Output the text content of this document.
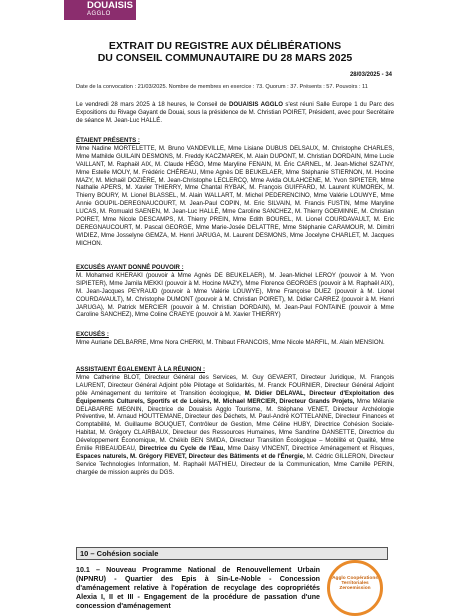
DOUAISIS
AGGLO
EXTRAIT DU REGISTRE AUX DÉLIBÉRATIONS
DU CONSEIL COMMUNAUTAIRE DU 28 MARS 2025
28/03/2025 - 34
Date de la convocation : 21/03/2025. Nombre de membres en exercice : 73. Quorum : 37. Présents : 57. Pouvoirs : 11
Le vendredi 28 mars 2025 à 18 heures, le Conseil de DOUAISIS AGGLO s'est réuni Salle Europe 1 du Parc des Expositions du Rivage Gayant de Douai, sous la présidence de M. Christian POIRET, Président, avec pour Secrétaire de séance M. Jean-Luc HALLÉ.
ÉTAIENT PRÉSENTS :
Mme Nadine MORTELETTE, M. Bruno VANDEVILLE, Mme Lisiane DUBUS DELSAUX, M. Christophe CHARLES, Mme Mathilde GUILAIN DESMONS, M. Freddy KACZMAREK, M. Alain DUPONT, M. Christian DORDAIN, Mme Lucie VAILLANT, M. Raphaël AIX, M. Claude HÉGO, Mme Maryline FENAIN, M. Éric CARNEL, M. Jean-Michel SZATNY, Mme Estelle MOUY, M. Frédéric CHÉREAU, Mme Agnès DE BEUKELAER, Mme Stéphanie STIERNON, M. Hocine MAZY, M. Michaël DOZIÈRE, M. Jean-Christophe LECLERCQ, Mme Avida OULAHCENE, M. Yvon SIPIETER, Mme Nathalie APERS, M. Xavier THIERRY, Mme Chantal RYBAK, M. François GUIFFARD, M. Laurent KUMOREK, M. Thierry BOURY, M. Lionel BLASSEL, M. Alain WALLART, M. Michel PEDERENCINO, Mme Valérie LOUWYE, Mme Annie GOUPIL-DEREGNAUCOURT, M. Jean-Paul COPIN, M. Eric SILVAIN, M. Francis FUSTIN, Mme Maryline LUCAS, M. Romuald SAENEN, M. Jean-Luc HALLÉ, Mme Caroline SANCHEZ, M. Thierry GOEMINNE, M. Christian POIRET, Mme Nicole DESCAMPS, M. Thierry PREIN, Mme Edith BOUREL, M. Lionel COURDAVAULT, M. Eric DEREGNAUCOURT, M. Pascal GEORGE, Mme Marie-Josée DELATTRE, Mme Stéphanie CARAMOUR, M. Dimitri WIDIEZ, Mme Josselyne GEMZA, M. Henri JARUGA, M. Laurent DESMONS, Mme Jocelyne CHARLET, M. Jacques MICHON.
EXCUSÉS AYANT DONNÉ POUVOIR :
M. Mohamed KHERAKI (pouvoir à Mme Agnès DE BEUKELAER), M. Jean-Michel LEROY (pouvoir à M. Yvon SIPIETER), Mme Jamila MEKKI (pouvoir à M. Hocine MAZY), Mme Florence GEORGES (pouvoir à M. Raphaël AIX), M. Jean-Jacques PEYRAUD (pouvoir à Mme Valérie LOUWYE), Mme Françoise DUEZ (pouvoir à M. Lionel COURDAVAULT), M. Christophe DUMONT (pouvoir à M. Christian POIRET), M. Didier CARREZ (pouvoir à M. Henri JARUGA), M. Patrick MERCIER (pouvoir à M. Christian DORDAIN), M. Jean-Paul FONTAINE (pouvoir à Mme Caroline SANCHEZ), Mme Coline CRAEYE (pouvoir à M. Xavier THIERRY)
EXCUSÉS :
Mme Auriane DELBARRE, Mme Nora CHERKI, M. Thibaut FRANCOIS, Mme Nicole MARFIL, M. Alain MENSION.
ASSISTAIENT ÉGALEMENT À LA RÉUNION :
Mme Catherine BLOT, Directeur Général des Services, M. Guy GEVAERT, Directeur Juridique, M. François LAURENT, Directeur Général Adjoint pôle Pilotage et Solidarités, M. Franck FOURNIER, Directeur Général Adjoint pôle Aménagement du territoire et Transition écologique, M. Didier DELAVAL, Directeur d'Exploitation des Équipements Culturels, Sportifs et de Loisirs, M. Michael MERCIER, Directeur Grands Projets, Mme Mélanie DELABARRE MEGNIN, Directrice de Douaisis Agglo Tourisme, M. Stéphane VENET, Directeur Archéologie Préventive, M. Arnaud HOUTTEMANE, Directeur des Déchets, M. Paul-André KOTTELANNE, Directeur Finances et Comptabilité, M. Guillaume BOUQUET, Contrôleur de Gestion, Mme Céline HUBY, Directrice Cohésion Sociale-Habitat, M. Grégory CLAIRBAUX, Directeur des Ressources Humaines, Mme Sandrine DANSETTE, Directrice du Développement Économique, M. Chékib BEN SMIDA, Directeur Transition Écologique – Mobilité et Qualité, Mme Émilie RIBEAUDEAU, Directrice du Cycle de l'Eau, Mme Daisy VINCENT, Directrice Aménagement et Risques, Espaces naturels, M. Grégory FIEVET, Directeur des Bâtiments et de l'Énergie, M. Cédric GILLERON, Directeur Service Technologies Information, M. Raphaël MATHIEU, Directeur de la Communication, Mme Camille PERIN, chargée de mission auprès du DGS.
10 – Cohésion sociale
10.1 – Nouveau Programme National de Renouvellement Urbain (NPNRU) - Quartier des Epis à Sin-Le-Noble - Concession d'aménagement relative à l'opération de recyclage des copropriétés Alexia I, II et III - Engagement de la procédure de passation d'une concession d'aménagement
Agglo Coopérations Territoriales Zeroemission
